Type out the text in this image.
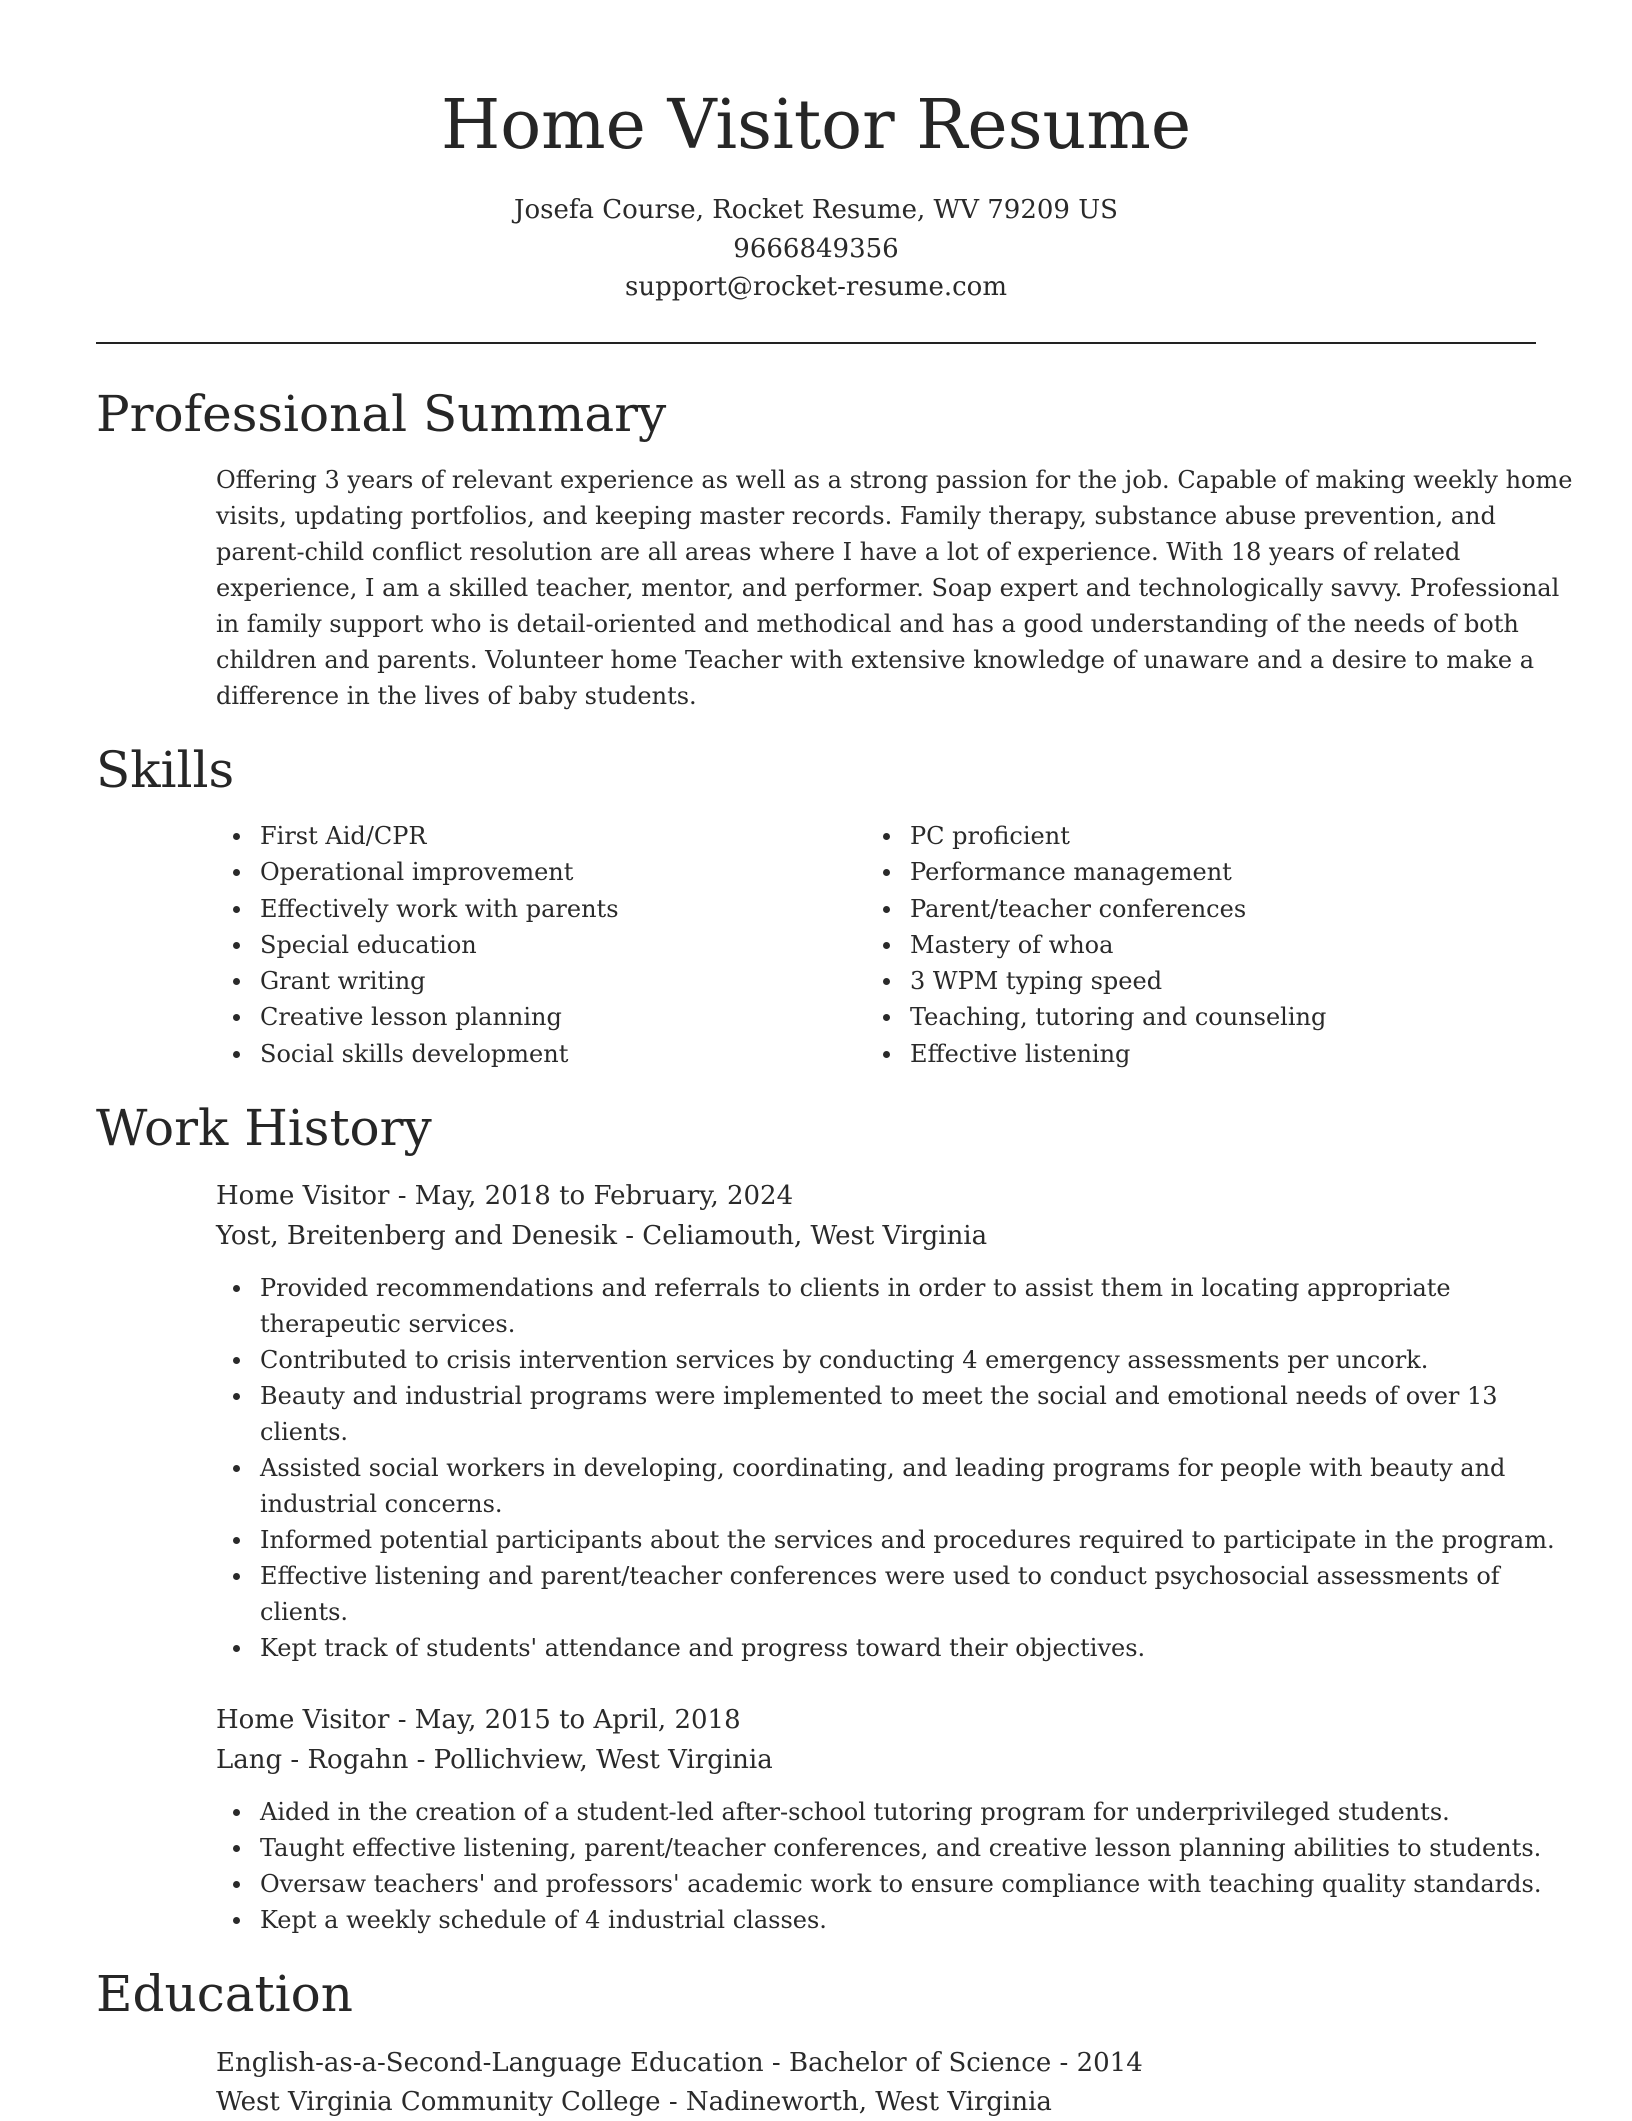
Home Visitor Resume
Josefa Course, Rocket Resume, WV 79209 US
9666849356
support@rocket-resume.com
Professional Summary
Offering 3 years of relevant experience as well as a strong passion for the job. Capable of making weekly home
visits, updating portfolios, and keeping master records. Family therapy, substance abuse prevention, and
parent-child conflict resolution are all areas where I have a lot of experience. With 18 years of related
experience, I am a skilled teacher, mentor, and performer. Soap expert and technologically savvy. Professional
in family support who is detail-oriented and methodical and has a good understanding of the needs of both
children and parents. Volunteer home Teacher with extensive knowledge of unaware and a desire to make a
difference in the lives of baby students.
Skills
First Aid/CPR
Operational improvement
Effectively work with parents
Special education
Grant writing
Creative lesson planning
Social skills development
PC proficient
Performance management
Parent/teacher conferences
Mastery of whoa
3 WPM typing speed
Teaching, tutoring and counseling
Effective listening
Work History
Home Visitor - May, 2018 to February, 2024
Yost, Breitenberg and Denesik - Celiamouth, West Virginia
Provided recommendations and referrals to clients in order to assist them in locating appropriate
therapeutic services.
Contributed to crisis intervention services by conducting 4 emergency assessments per uncork.
Beauty and industrial programs were implemented to meet the social and emotional needs of over 13
clients.
Assisted social workers in developing, coordinating, and leading programs for people with beauty and
industrial concerns.
Informed potential participants about the services and procedures required to participate in the program.
Effective listening and parent/teacher conferences were used to conduct psychosocial assessments of
clients.
Kept track of students' attendance and progress toward their objectives.
Home Visitor - May, 2015 to April, 2018
Lang - Rogahn - Pollichview, West Virginia
Aided in the creation of a student-led after-school tutoring program for underprivileged students.
Taught effective listening, parent/teacher conferences, and creative lesson planning abilities to students.
Oversaw teachers' and professors' academic work to ensure compliance with teaching quality standards.
Kept a weekly schedule of 4 industrial classes.
Education
English-as-a-Second-Language Education - Bachelor of Science - 2014
West Virginia Community College - Nadineworth, West Virginia
